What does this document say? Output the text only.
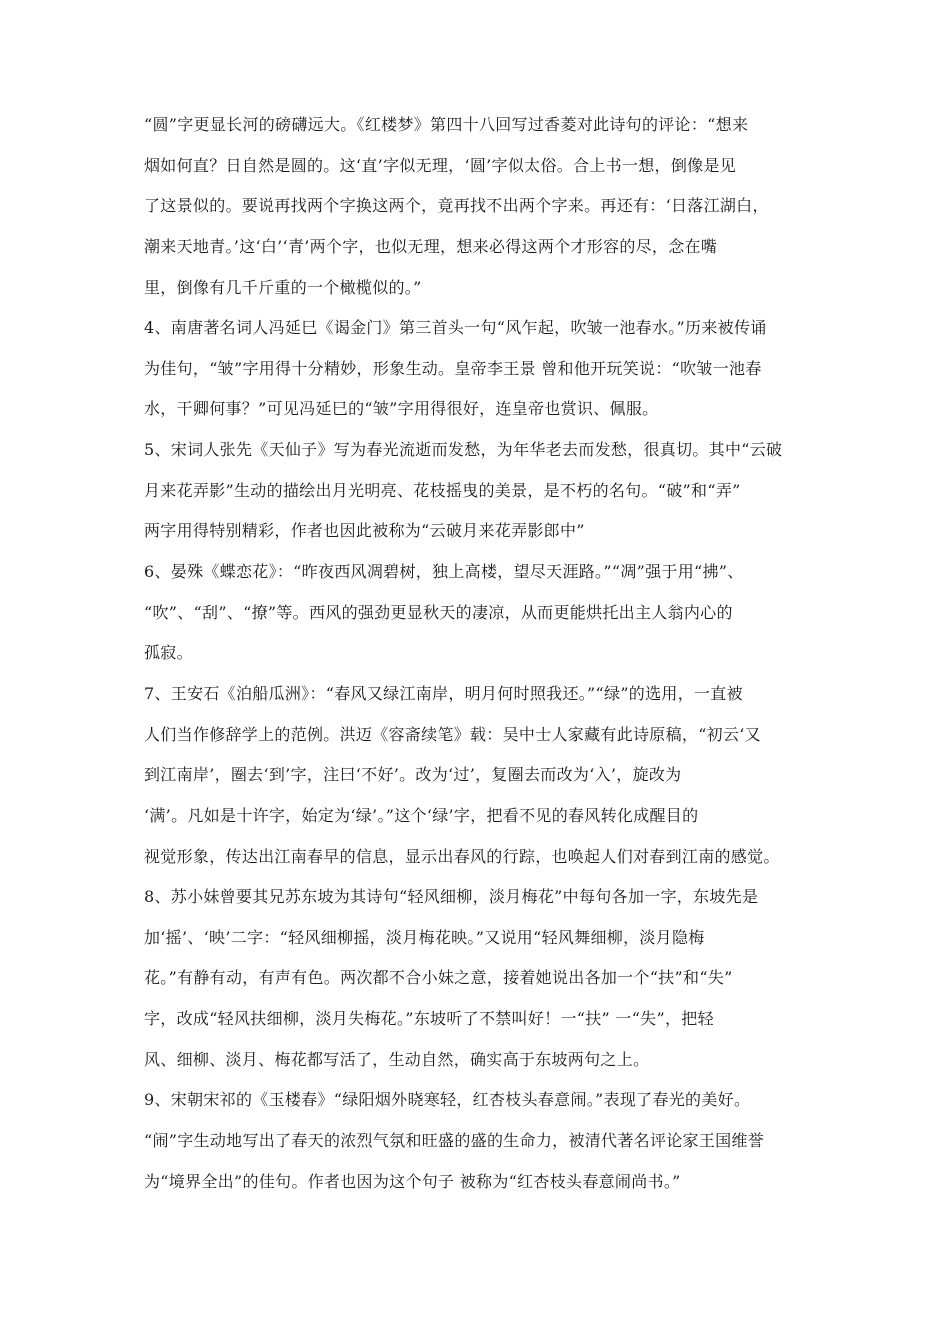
“圆”字更显长河的磅礴远大。《红楼梦》第四十八回写过香菱对此诗句的评论：“想来
烟如何直？日自然是圆的。这‘直’字似无理，‘圆’字似太俗。合上书一想，倒像是见
了这景似的。要说再找两个字换这两个，竟再找不出两个字来。再还有：‘日落江湖白，
潮来天地青。’这‘白’‘青’两个字，也似无理，想来必得这两个才形容的尽，念在嘴
里，倒像有几千斤重的一个橄榄似的。”
4、南唐著名词人冯延巳《谒金门》第三首头一句“风乍起，吹皱一池春水。”历来被传诵
为佳句，“皱”字用得十分精妙，形象生动。皇帝李王景 曾和他开玩笑说：“吹皱一池春
水，干卿何事？”可见冯延巳的“皱”字用得很好，连皇帝也赏识、佩服。
5、宋词人张先《天仙子》写为春光流逝而发愁，为年华老去而发愁，很真切。其中“云破
月来花弄影”生动的描绘出月光明亮、花枝摇曳的美景，是不朽的名句。“破”和“弄”
两字用得特别精彩，作者也因此被称为“云破月来花弄影郎中”
6、晏殊《蝶恋花》：“昨夜西风凋碧树，独上高楼，望尽天涯路。”“凋”强于用“拂”、
“吹”、“刮”、“撩”等。西风的强劲更显秋天的凄凉，从而更能烘托出主人翁内心的
孤寂。
7、王安石《泊船瓜洲》：“春风又绿江南岸，明月何时照我还。”“绿”的选用，一直被
人们当作修辞学上的范例。洪迈《容斋续笔》载：吴中士人家藏有此诗原稿，“初云‘又
到江南岸’，圈去‘到’字，注曰‘不好’。改为‘过’，复圈去而改为‘入’，旋改为
‘满’。凡如是十许字，始定为‘绿’。”这个‘绿’字，把看不见的春风转化成醒目的
视觉形象，传达出江南春早的信息，显示出春风的行踪，也唤起人们对春到江南的感觉。
8、苏小妹曾要其兄苏东坡为其诗句“轻风细柳，淡月梅花”中每句各加一字，东坡先是
加‘摇’、‘映’二字：“轻风细柳摇，淡月梅花映。”又说用“轻风舞细柳，淡月隐梅
花。”有静有动，有声有色。两次都不合小妹之意，接着她说出各加一个“扶”和“失”
字，改成“轻风扶细柳，淡月失梅花。”东坡听了不禁叫好！一“扶” 一“失”，把轻
风、细柳、淡月、梅花都写活了，生动自然，确实高于东坡两句之上。
9、宋朝宋祁的《玉楼春》“绿阳烟外晓寒轻，红杏枝头春意闹。”表现了春光的美好。
“闹”字生动地写出了春天的浓烈气氛和旺盛的盛的生命力，被清代著名评论家王国维誉
为“境界全出”的佳句。作者也因为这个句子 被称为“红杏枝头春意闹尚书。”
